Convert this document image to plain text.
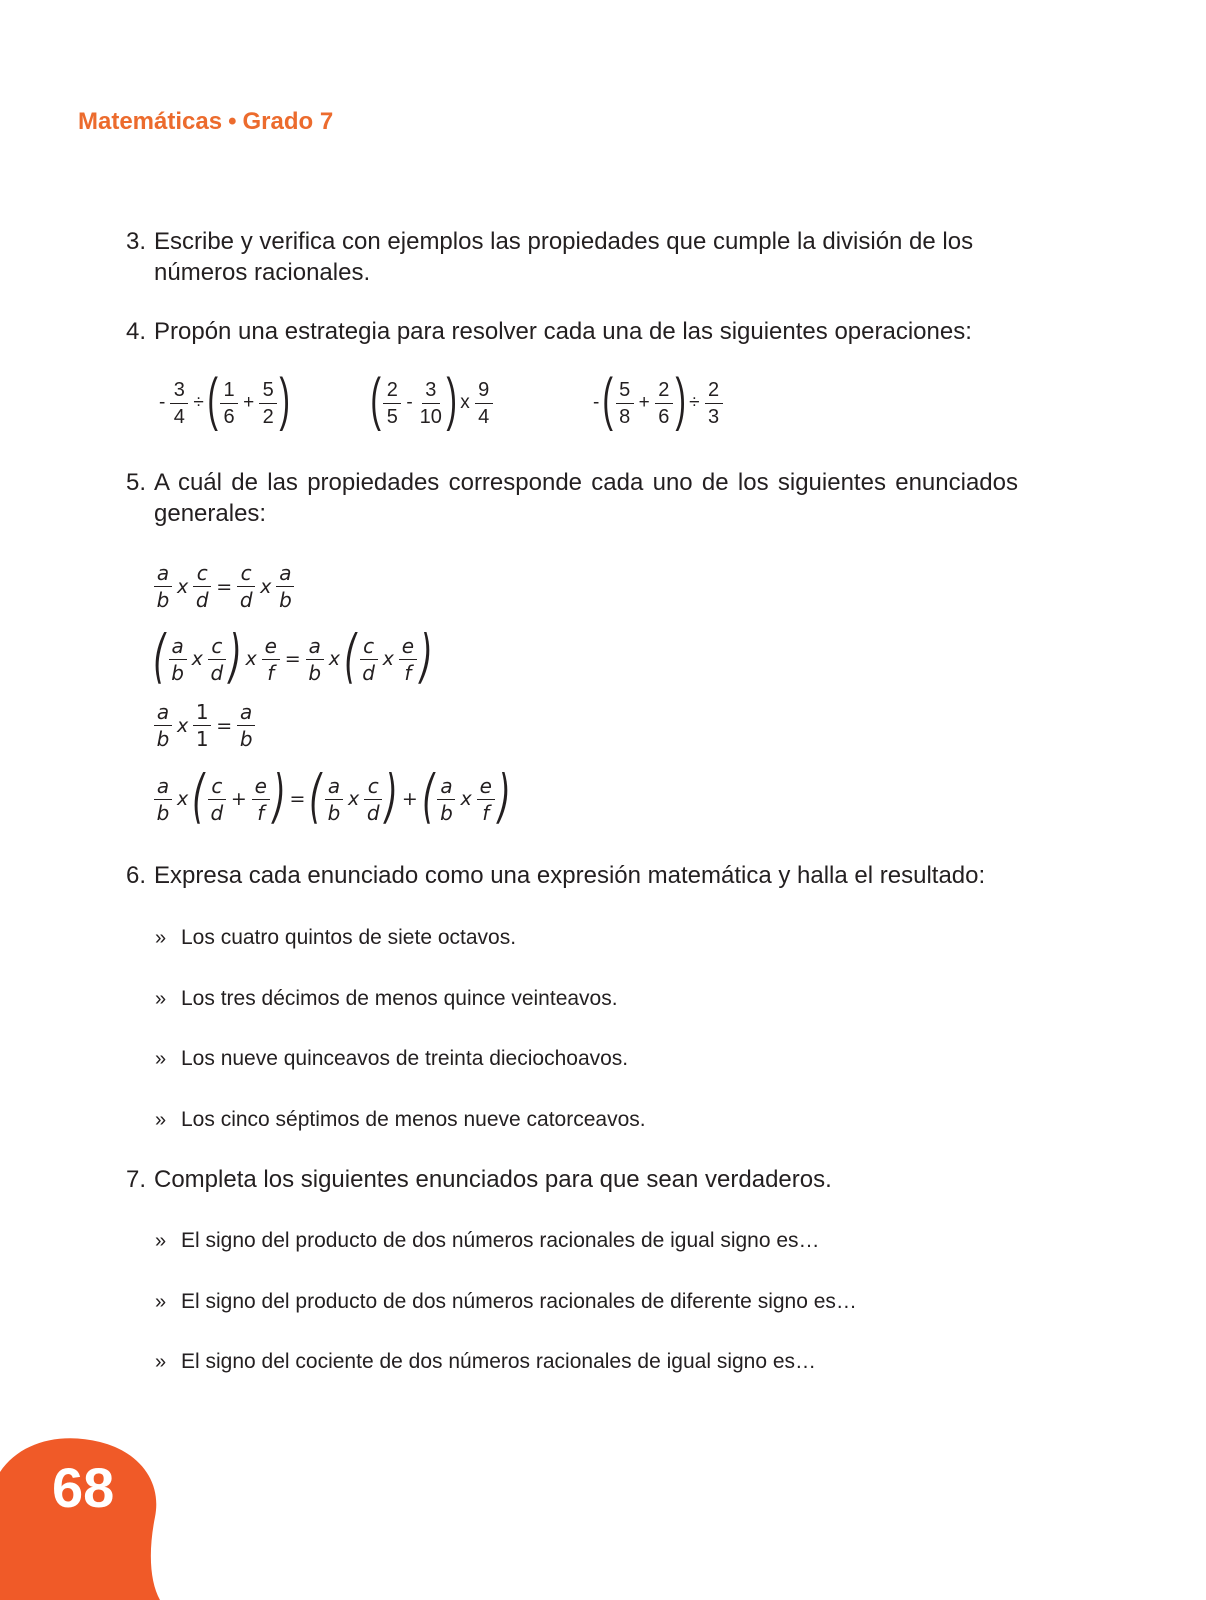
Matemáticas • Grado 7
3. Escribe y verifica con ejemplos las propiedades que cumple la división de los números racionales.
4. Propón una estrategia para resolver cada una de las siguientes operaciones:
- $\frac{3}{4}$ ÷ ( $\frac{1}{6} + \frac{5}{2}$ ) ( $\frac{2}{5} - \frac{3}{10}$ ) x $\frac{9}{4}$	- ( $\frac{5}{8} + \frac{2}{6}$ ) ÷ $\frac{2}{3}$
5. A cuál de las propiedades corresponde cada uno de los siguientes enunciados generales:
$\frac{a}{b}$ x $\frac{c}{d} = \frac{c}{d}$ x $\frac{a}{b}$
( $\frac{a}{b}$ x $\frac{c}{d}$ ) x $\frac{e}{f} = \frac{a}{b}$ x ( $\frac{c}{d}$ x $\frac{e}{f}$ )
$\frac{a}{b}$ x $\frac{1}{1} = \frac{a}{b}$
$\frac{a}{b}$ x ( $\frac{c}{d} + \frac{e}{f}$ ) = ( $\frac{a}{b}$ x $\frac{c}{d}$ ) + ( $\frac{a}{b}$ x $\frac{e}{f}$ )
6. Expresa cada enunciado como una expresión matemática y halla el resultado:
» Los cuatro quintos de siete octavos.
» Los tres décimos de menos quince veinteavos.
» Los nueve quinceavos de treinta dieciochoavos.
» Los cinco séptimos de menos nueve catorceavos.
7. Completa los siguientes enunciados para que sean verdaderos.
» El signo del producto de dos números racionales de igual signo es…
» El signo del producto de dos números racionales de diferente signo es…
» El signo del cociente de dos números racionales de igual signo es…
68
